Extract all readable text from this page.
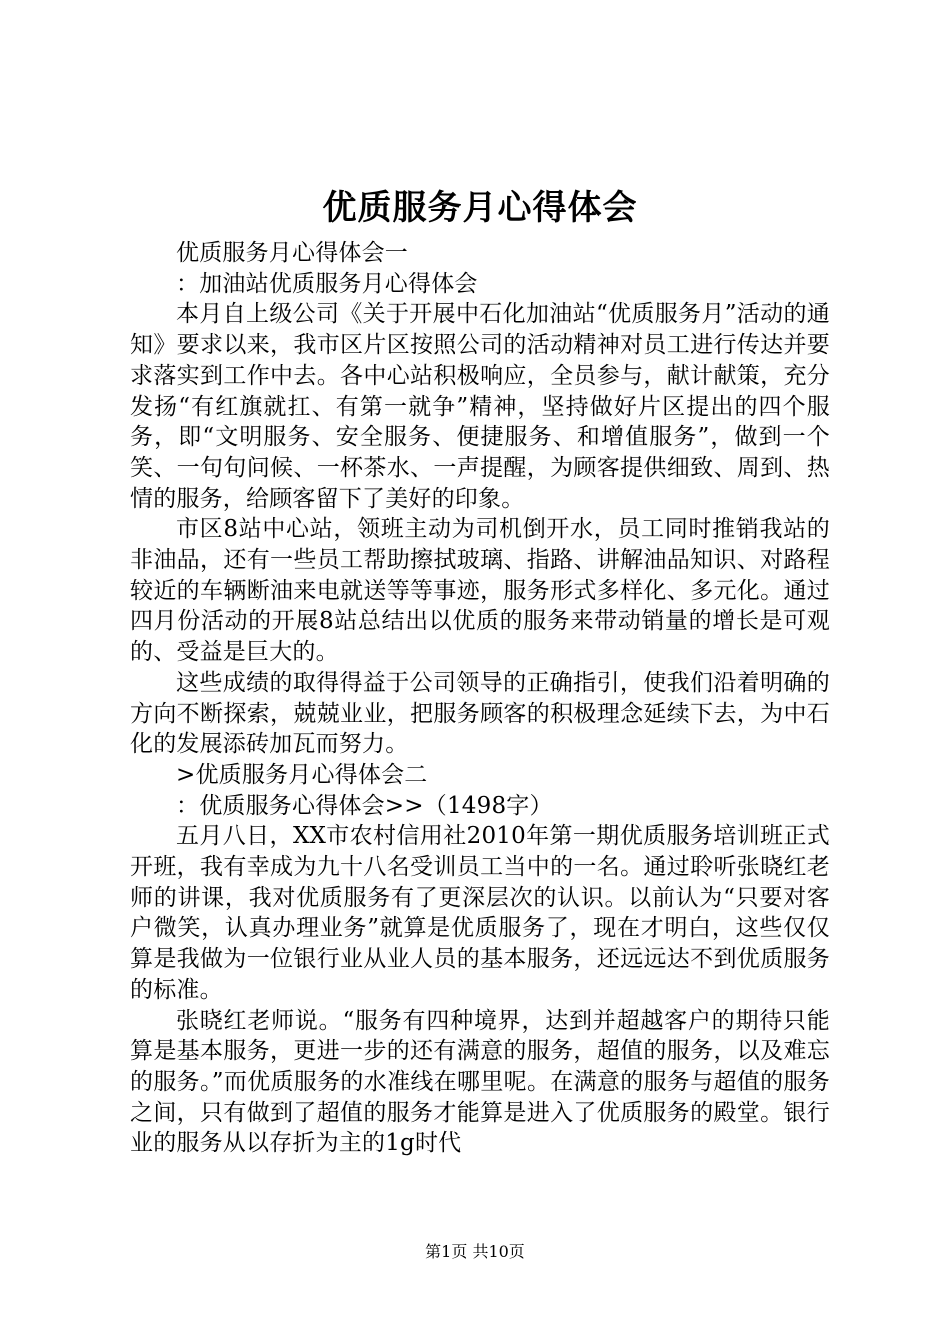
优质服务月心得体会

优质服务月心得体会一

：加油站优质服务月心得体会

本月自上级公司《关于开展中石化加油站“优质服务月”活动的通知》要求以来，我市区片区按照公司的活动精神对员工进行传达并要求落实到工作中去。各中心站积极响应，全员参与，献计献策，充分发扬“有红旗就扛、有第一就争”精神，坚持做好片区提出的四个服务，即“文明服务、安全服务、便捷服务、和增值服务”，做到一个笑、一句句问候、一杯茶水、一声提醒，为顾客提供细致、周到、热情的服务，给顾客留下了美好的印象。

市区8站中心站，领班主动为司机倒开水，员工同时推销我站的非油品，还有一些员工帮助擦拭玻璃、指路、讲解油品知识、对路程较近的车辆断油来电就送等等事迹，服务形式多样化、多元化。通过四月份活动的开展8站总结出以优质的服务来带动销量的增长是可观的、受益是巨大的。

这些成绩的取得得益于公司领导的正确指引，使我们沿着明确的方向不断探索，兢兢业业，把服务顾客的积极理念延续下去，为中石化的发展添砖加瓦而努力。

>优质服务月心得体会二

：优质服务心得体会>>（1498字）

五月八日，XX市农村信用社2010年第一期优质服务培训班正式开班，我有幸成为九十八名受训员工当中的一名。通过聆听张晓红老师的讲课，我对优质服务有了更深层次的认识。以前认为“只要对客户微笑，认真办理业务”就算是优质服务了，现在才明白，这些仅仅算是我做为一位银行业从业人员的基本服务，还远远达不到优质服务的标准。

张晓红老师说。“服务有四种境界，达到并超越客户的期待只能算是基本服务，更进一步的还有满意的服务，超值的服务，以及难忘的服务。”而优质服务的水准线在哪里呢。在满意的服务与超值的服务之间，只有做到了超值的服务才能算是进入了优质服务的殿堂。银行业的服务从以存折为主的1g时代

第1页 共10页
